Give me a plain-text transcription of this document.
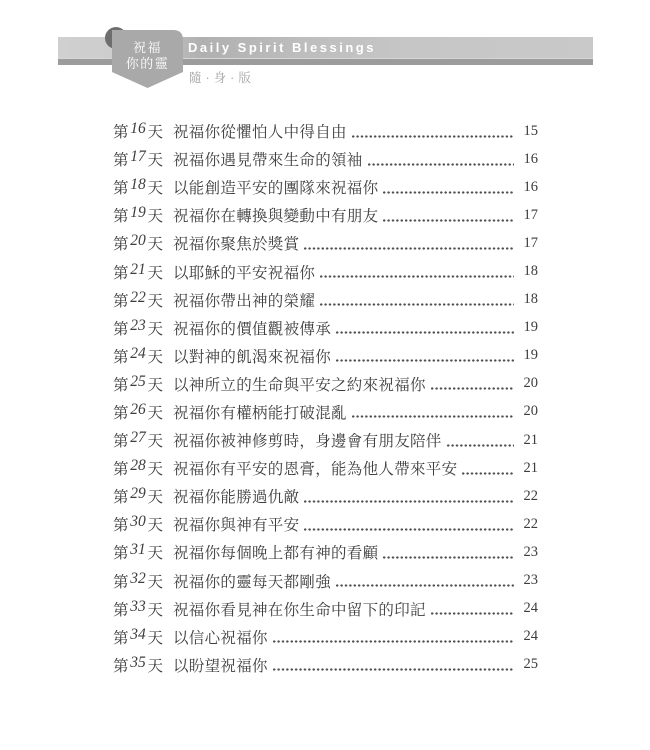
Daily Spirit Blessings
隨·身·版
祝福
你的靈
第 16 天 祝福你從懼怕人中得自由	15
第 17 天 祝福你遇見帶來生命的領袖	16
第 18 天 以能創造平安的團隊來祝福你	16
第 19 天 祝福你在轉換與變動中有朋友	17
第 20 天 祝福你聚焦於獎賞	17
第 21 天 以耶穌的平安祝福你	18
第 22 天 祝福你帶出神的榮耀	18
第 23 天 祝福你的價值觀被傳承	19
第 24 天 以對神的飢渴來祝福你	19
第 25 天 以神所立的生命與平安之約來祝福你	20
第 26 天 祝福你有權柄能打破混亂	20
第 27 天 祝福你被神修剪時，身邊會有朋友陪伴	21
第 28 天 祝福你有平安的恩膏，能為他人帶來平安	21
第 29 天 祝福你能勝過仇敵	22
第 30 天 祝福你與神有平安	22
第 31 天 祝福你每個晚上都有神的看顧	23
第 32 天 祝福你的靈每天都剛強	23
第 33 天 祝福你看見神在你生命中留下的印記	24
第 34 天 以信心祝福你	24
第 35 天 以盼望祝福你	25
